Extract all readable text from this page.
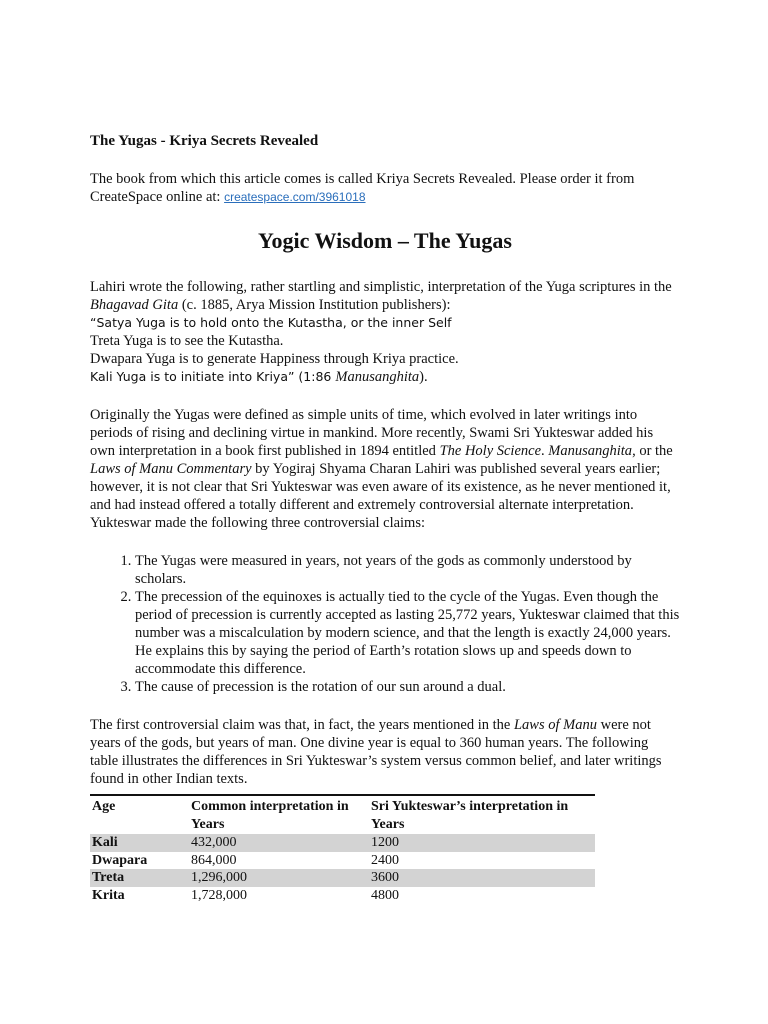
The Yugas - Kriya Secrets Revealed

The book from which this article comes is called Kriya Secrets Revealed. Please order it from CreateSpace online at: createspace.com/3961018

Yogic Wisdom – The Yugas

Lahiri wrote the following, rather startling and simplistic, interpretation of the Yuga scriptures in the Bhagavad Gita (c. 1885, Arya Mission Institution publishers):

“Satya Yuga is to hold onto the Kutastha, or the inner Self

Treta Yuga is to see the Kutastha.

Dwapara Yuga is to generate Happiness through Kriya practice.

Kali Yuga is to initiate into Kriya” (1:86 Manusanghita).

Originally the Yugas were defined as simple units of time, which evolved in later writings into periods of rising and declining virtue in mankind. More recently, Swami Sri Yukteswar added his own interpretation in a book first published in 1894 entitled The Holy Science. Manusanghita, or the Laws of Manu Commentary by Yogiraj Shyama Charan Lahiri was published several years earlier; however, it is not clear that Sri Yukteswar was even aware of its existence, as he never mentioned it, and had instead offered a totally different and extremely controversial alternate interpretation. Yukteswar made the following three controversial claims:

1. The Yugas were measured in years, not years of the gods as commonly understood by scholars.
2. The precession of the equinoxes is actually tied to the cycle of the Yugas. Even though the period of precession is currently accepted as lasting 25,772 years, Yukteswar claimed that this number was a miscalculation by modern science, and that the length is exactly 24,000 years. He explains this by saying the period of Earth’s rotation slows up and speeds down to accommodate this difference.
3. The cause of precession is the rotation of our sun around a dual.

The first controversial claim was that, in fact, the years mentioned in the Laws of Manu were not years of the gods, but years of man. One divine year is equal to 360 human years. The following table illustrates the differences in Sri Yukteswar’s system versus common belief, and later writings found in other Indian texts.

Age	Common interpretation in Years	Sri Yukteswar’s interpretation in Years
Kali	432,000	1200
Dwapara	864,000	2400
Treta	1,296,000	3600
Krita	1,728,000	4800
